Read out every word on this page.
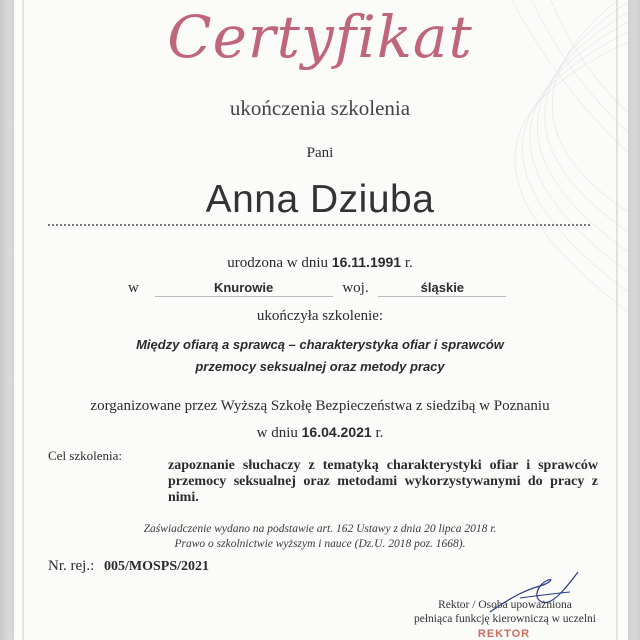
Certyfikat
ukończenia szkolenia
Pani
Anna Dziuba
urodzona w dniu 16.11.1991 r.
w	Knurowie	woj.	śląskie
ukończyła szkolenie:
Między ofiarą a sprawcą – charakterystyka ofiar i sprawców
przemocy seksualnej oraz metody pracy
zorganizowane przez Wyższą Szkołę Bezpieczeństwa z siedzibą w Poznaniu
w dniu 16.04.2021 r.
Cel szkolenia:
zapoznanie słuchaczy z tematyką charakterystyki ofiar i sprawców przemocy seksualnej oraz metodami wykorzystywanymi do pracy z nimi.
Zaświadczenie wydano na podstawie art. 162 Ustawy z dnia 20 lipca 2018 r.
Prawo o szkolnictwie wyższym i nauce (Dz.U. 2018 poz. 1668).
Nr. rej.: 005/MOSPS/2021
Rektor / Osoba upoważniona
pełniąca funkcję kierowniczą w uczelni
REKTOR
